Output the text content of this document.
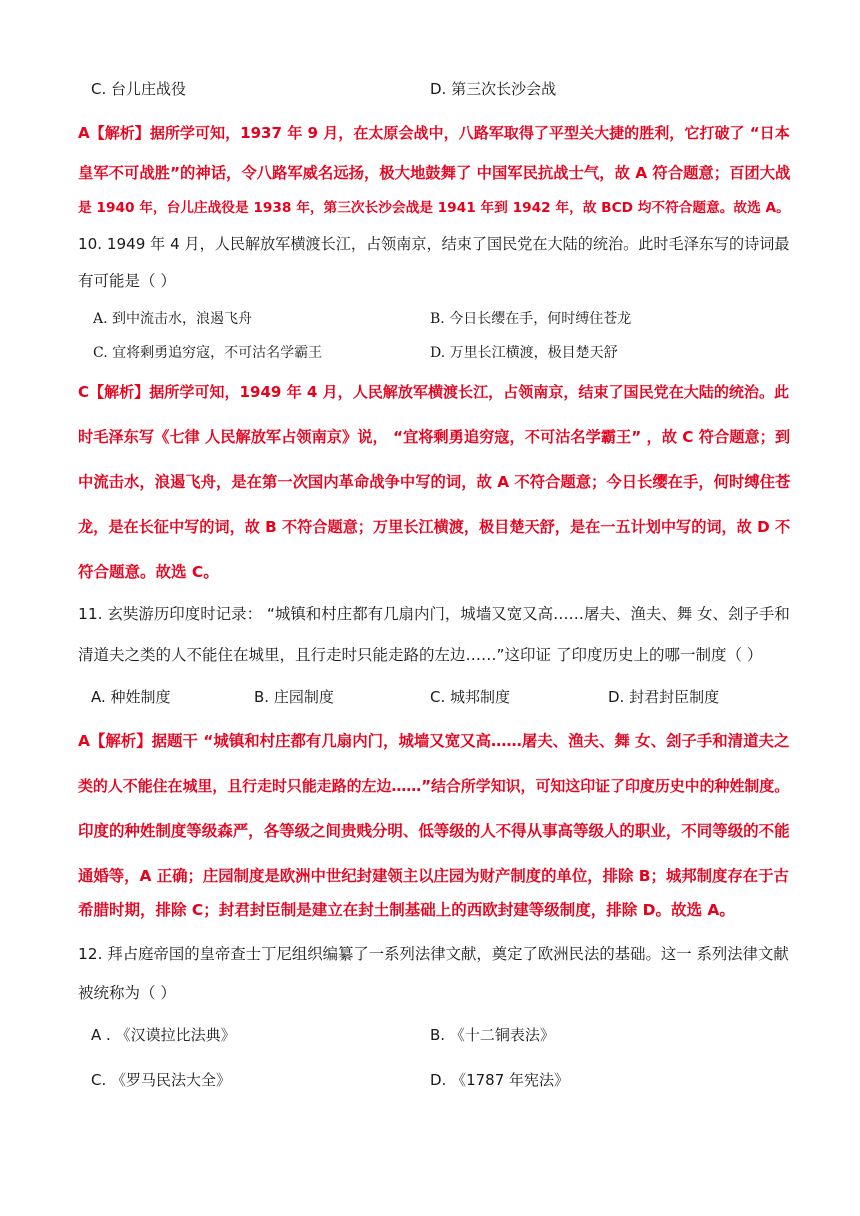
C. 台儿庄战役	D. 第三次长沙会战
A【解析】据所学可知，1937 年 9 月，在太原会战中，八路军取得了平型关大捷的胜利，它打破了 “日本
皇军不可战胜”的神话，令八路军威名远扬，极大地鼓舞了 中国军民抗战士气，故 A 符合题意；百团大战
是 1940 年，台儿庄战役是 1938 年，第三次长沙会战是 1941 年到 1942 年，故 BCD 均不符合题意。故选 A。
10. 1949 年 4 月，人民解放军横渡长江，占领南京，结束了国民党在大陆的统治。此时毛泽东写的诗词最
有可能是（ ）
A. 到中流击水，浪遏飞舟	B. 今日长缨在手，何时缚住苍龙
C. 宜将剩勇追穷寇，不可沽名学霸王	D. 万里长江横渡，极目楚天舒
C【解析】据所学可知，1949 年 4 月，人民解放军横渡长江，占领南京，结束了国民党在大陆的统治。此
时毛泽东写《七律 人民解放军占领南京》说， “宜将剩勇追穷寇，不可沽名学霸王” ，故 C 符合题意；到
中流击水，浪遏飞舟，是在第一次国内革命战争中写的词，故 A 不符合题意；今日长缨在手，何时缚住苍
龙，是在长征中写的词，故 B 不符合题意；万里长江横渡，极目楚天舒，是在一五计划中写的词，故 D 不
符合题意。故选 C。
11. 玄奘游历印度时记录： “城镇和村庄都有几扇内门，城墙又宽又高……屠夫、渔夫、舞 女、刽子手和
清道夫之类的人不能住在城里，且行走时只能走路的左边……”这印证 了印度历史上的哪一制度（ ）
A. 种姓制度	B. 庄园制度	C. 城邦制度	D. 封君封臣制度
A【解析】据题干 “城镇和村庄都有几扇内门，城墙又宽又高……屠夫、渔夫、舞 女、刽子手和清道夫之
类的人不能住在城里，且行走时只能走路的左边……”结合所学知识，可知这印证了印度历史中的种姓制度。
印度的种姓制度等级森严，各等级之间贵贱分明、低等级的人不得从事高等级人的职业，不同等级的不能
通婚等，A 正确；庄园制度是欧洲中世纪封建领主以庄园为财产制度的单位，排除 B；城邦制度存在于古
希腊时期，排除 C；封君封臣制是建立在封土制基础上的西欧封建等级制度，排除 D。故选 A。
12. 拜占庭帝国的皇帝查士丁尼组织编纂了一系列法律文献，奠定了欧洲民法的基础。这一 系列法律文献
被统称为（ ）
A . 《汉谟拉比法典》	B. 《十二铜表法》
C. 《罗马民法大全》	D. 《1787 年宪法》
